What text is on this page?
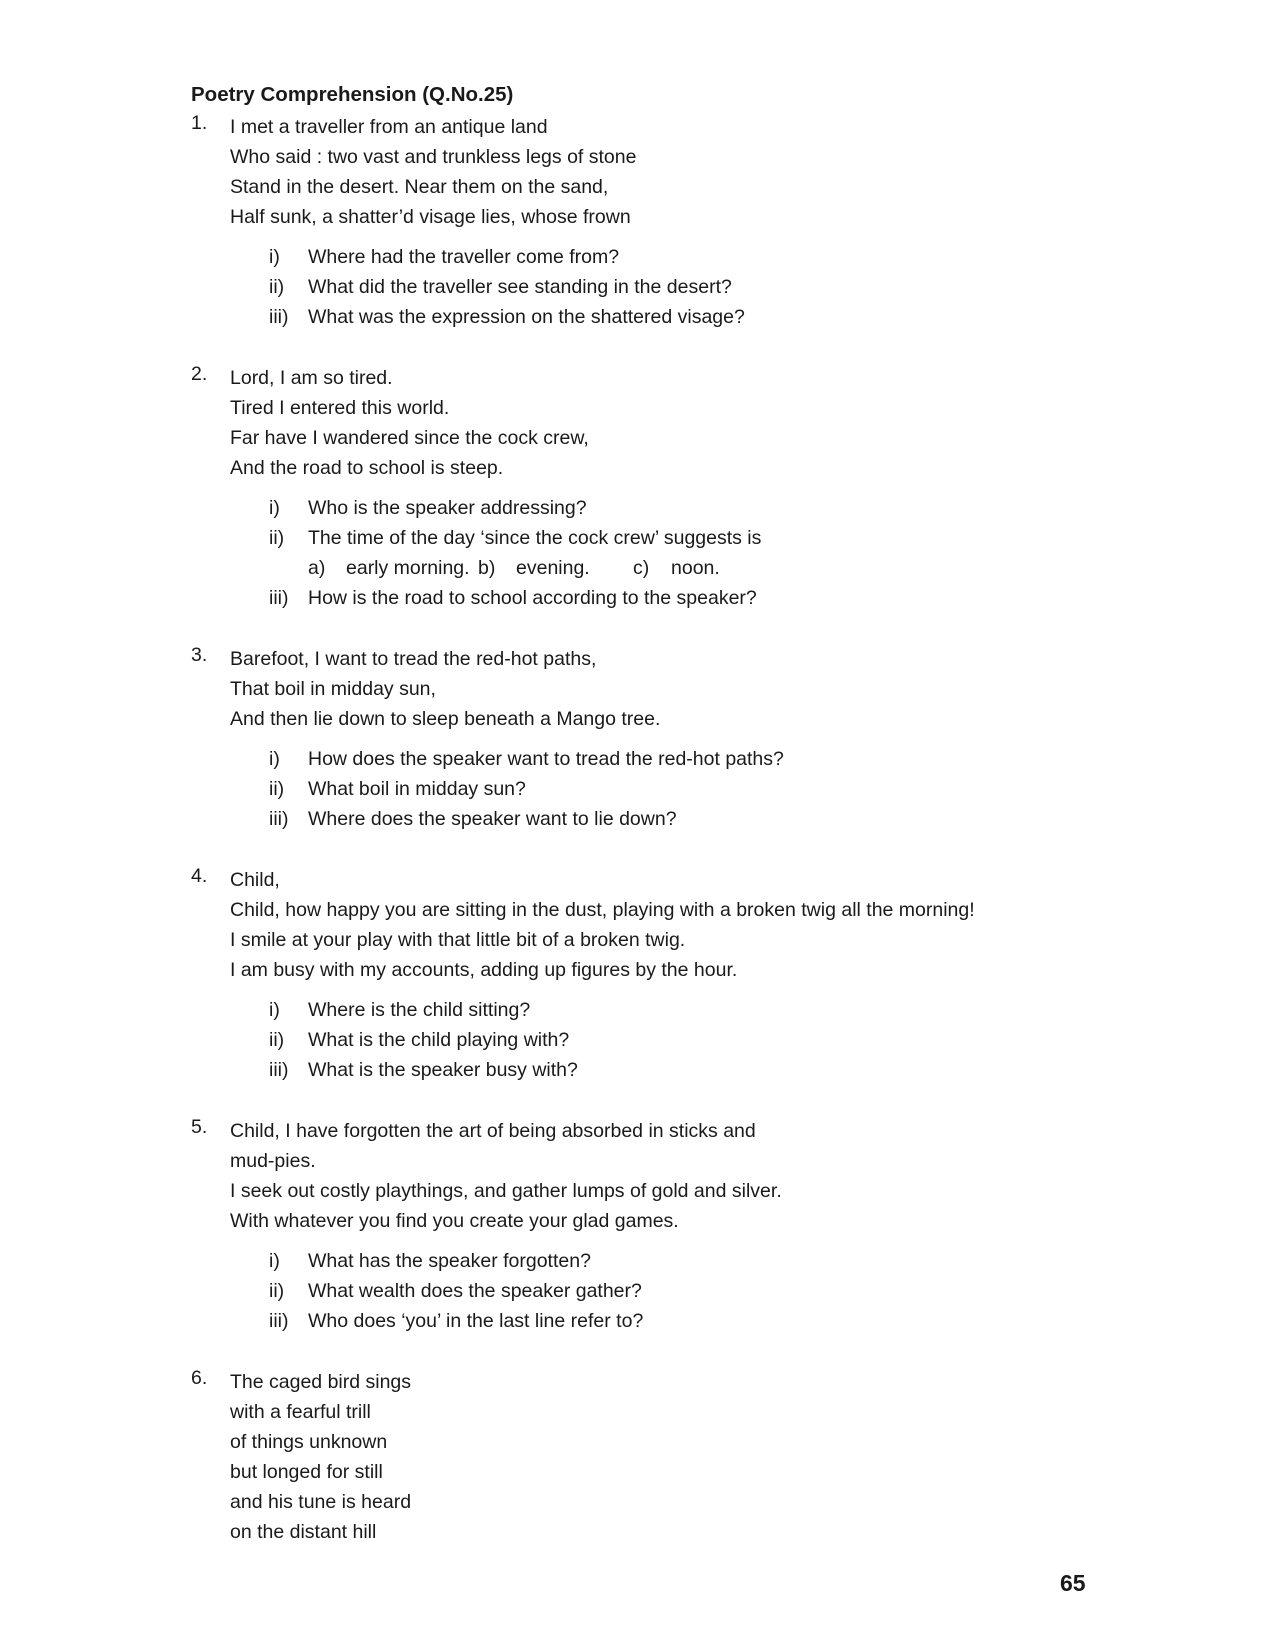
Poetry Comprehension (Q.No.25)
1. I met a traveller from an antique land
Who said : two vast and trunkless legs of stone
Stand in the desert. Near them on the sand,
Half sunk, a shatter’d visage lies, whose frown
i) Where had the traveller come from?
ii) What did the traveller see standing in the desert?
iii) What was the expression on the shattered visage?
2. Lord, I am so tired.
Tired I entered this world.
Far have I wandered since the cock crew,
And the road to school is steep.
i) Who is the speaker addressing?
ii) The time of the day ‘since the cock crew’ suggests is
a)	early morning. b)	evening. c)	noon.
iii) How is the road to school according to the speaker?
3. Barefoot, I want to tread the red-hot paths,
That boil in midday sun,
And then lie down to sleep beneath a Mango tree.
i) How does the speaker want to tread the red-hot paths?
ii) What boil in midday sun?
iii) Where does the speaker want to lie down?
4. Child,
Child, how happy you are sitting in the dust, playing with a broken twig all the morning!
I smile at your play with that little bit of a broken twig.
I am busy with my accounts, adding up figures by the hour.
i) Where is the child sitting?
ii) What is the child playing with?
iii) What is the speaker busy with?
5. Child, I have forgotten the art of being absorbed in sticks and
mud-pies.
I seek out costly playthings, and gather lumps of gold and silver.
With whatever you find you create your glad games.
i) What has the speaker forgotten?
ii) What wealth does the speaker gather?
iii) Who does ‘you’ in the last line refer to?
6. The caged bird sings
with a fearful trill
of things unknown
but longed for still
and his tune is heard
on the distant hill
65
